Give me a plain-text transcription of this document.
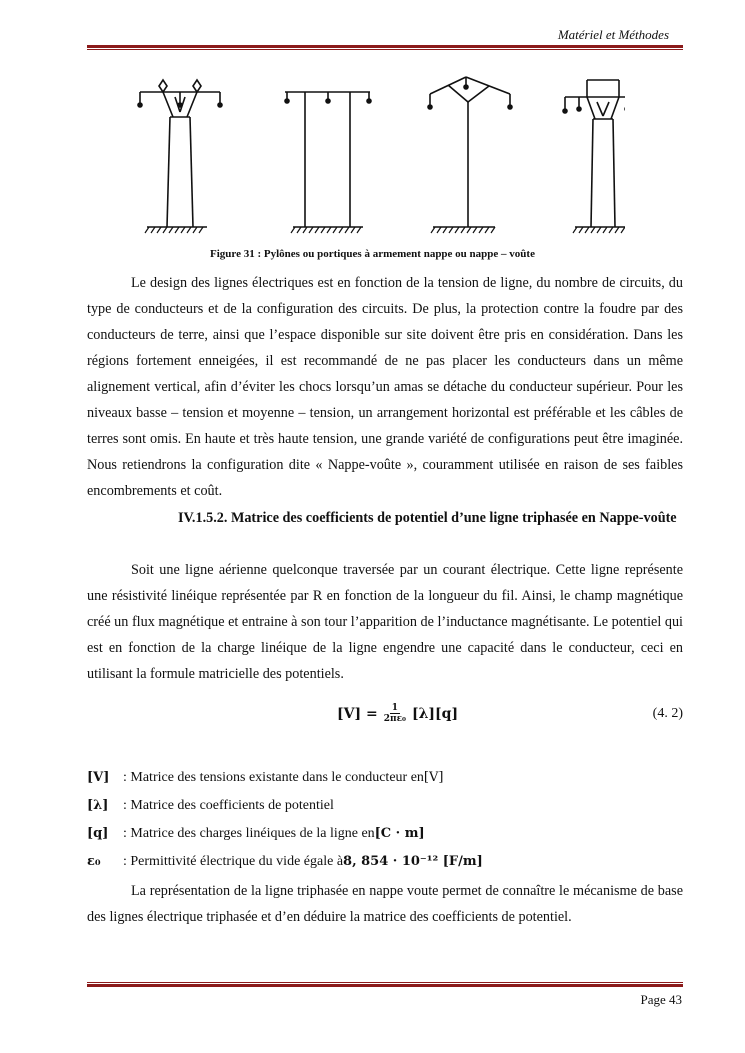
Matériel et Méthodes
Figure 31 : Pylônes ou portiques à armement nappe ou nappe – voûte

Le design des lignes électriques est en fonction de la tension de ligne, du nombre de circuits, du type de conducteurs et de la configuration des circuits. De plus, la protection contre la foudre par des conducteurs de terre, ainsi que l’espace disponible sur site doivent être pris en considération. Dans les régions fortement enneigées, il est recommandé de ne pas placer les conducteurs dans un même alignement vertical, afin d’éviter les chocs lorsqu’un amas se détache du conducteur supérieur. Pour les niveaux basse – tension et moyenne – tension, un arrangement horizontal est préférable et les câbles de terres sont omis. En haute et très haute tension, une grande variété de configurations peut être imaginée. Nous retiendrons la configuration dite « Nappe-voûte », couramment utilisée en raison de ses faibles encombrements et coût.

IV.1.5.2. Matrice des coefficients de potentiel d’une ligne triphasée en Nappe-voûte

Soit une ligne aérienne quelconque traversée par un courant électrique. Cette ligne représente une résistivité linéique représentée par R en fonction de la longueur du fil. Ainsi, le champ magnétique créé un flux magnétique et entraine à son tour l’apparition de l’inductance magnétisante. Le potentiel qui est en fonction de la charge linéique de la ligne engendre une capacité dans le conducteur, ceci en utilisant la formule matricielle des potentiels.

$[V] = \frac{1}{\text{2πε₀}} [\lambda][q]$	(4. 2)
[V] : Matrice des tensions existante dans le conducteur en [V]
[λ]	: Matrice des coefficients de potentiel
[q]	: Matrice des charges linéiques de la ligne en [C · m]
ε₀	: Permittivité électrique du vide égale à 8, 854 · 10⁻¹² [F/m]

La représentation de la ligne triphasée en nappe voute permet de connaître le mécanisme de base des lignes électrique triphasée et d’en déduire la matrice des coefficients de potentiel.

Page 43
